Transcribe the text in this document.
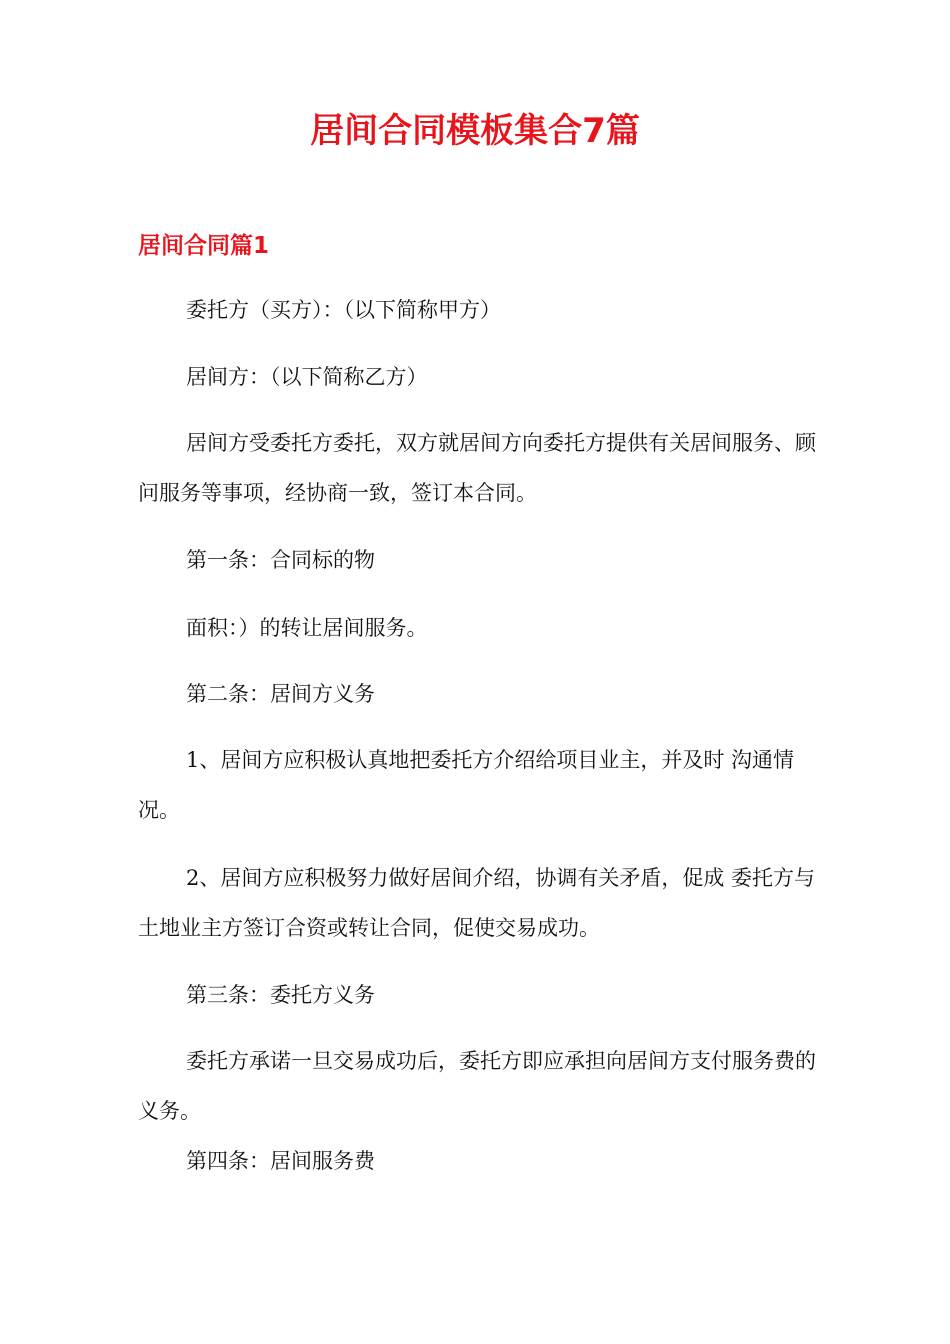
居间合同模板集合7篇
居间合同篇1

委托方（买方）：（以下简称甲方）

居间方：（以下简称乙方）

居间方受委托方委托，双方就居间方向委托方提供有关居间服务、顾问服务等事项，经协商一致，签订本合同。

第一条：合同标的物

面积：）的转让居间服务。

第二条：居间方义务

1、居间方应积极认真地把委托方介绍给项目业主，并及时 沟通情况。

2、居间方应积极努力做好居间介绍，协调有关矛盾，促成 委托方与土地业主方签订合资或转让合同，促使交易成功。

第三条：委托方义务

委托方承诺一旦交易成功后，委托方即应承担向居间方支付服务费的义务。

第四条：居间服务费
